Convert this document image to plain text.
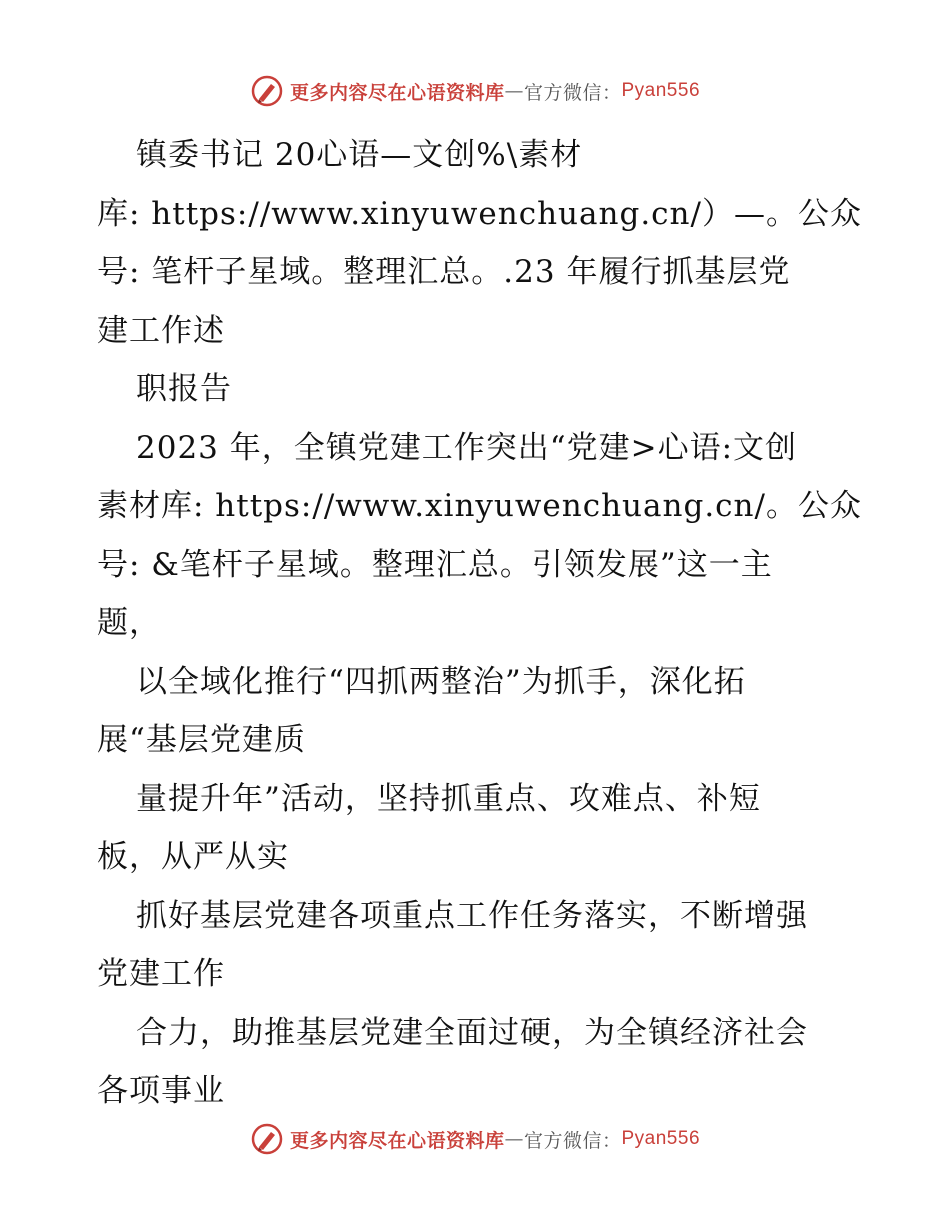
更多内容尽在心语资料库 — 官方微信： Pyan556
镇委书记 20心语—文创%\素材
库: https://www.xinyuwenchuang.cn/）—。公众
号: 笔杆子星域。整理汇总。.23 年履行抓基层党
建工作述
职报告
2023 年，全镇党建工作突出“党建>心语:文创
素材库: https://www.xinyuwenchuang.cn/。公众
号: &笔杆子星域。整理汇总。引领发展”这一主
题，
以全域化推行“四抓两整治”为抓手，深化拓
展“基层党建质
量提升年”活动，坚持抓重点、攻难点、补短
板，从严从实
抓好基层党建各项重点工作任务落实，不断增强
党建工作
合力，助推基层党建全面过硬，为全镇经济社会
各项事业
更多内容尽在心语资料库 — 官方微信： Pyan556
